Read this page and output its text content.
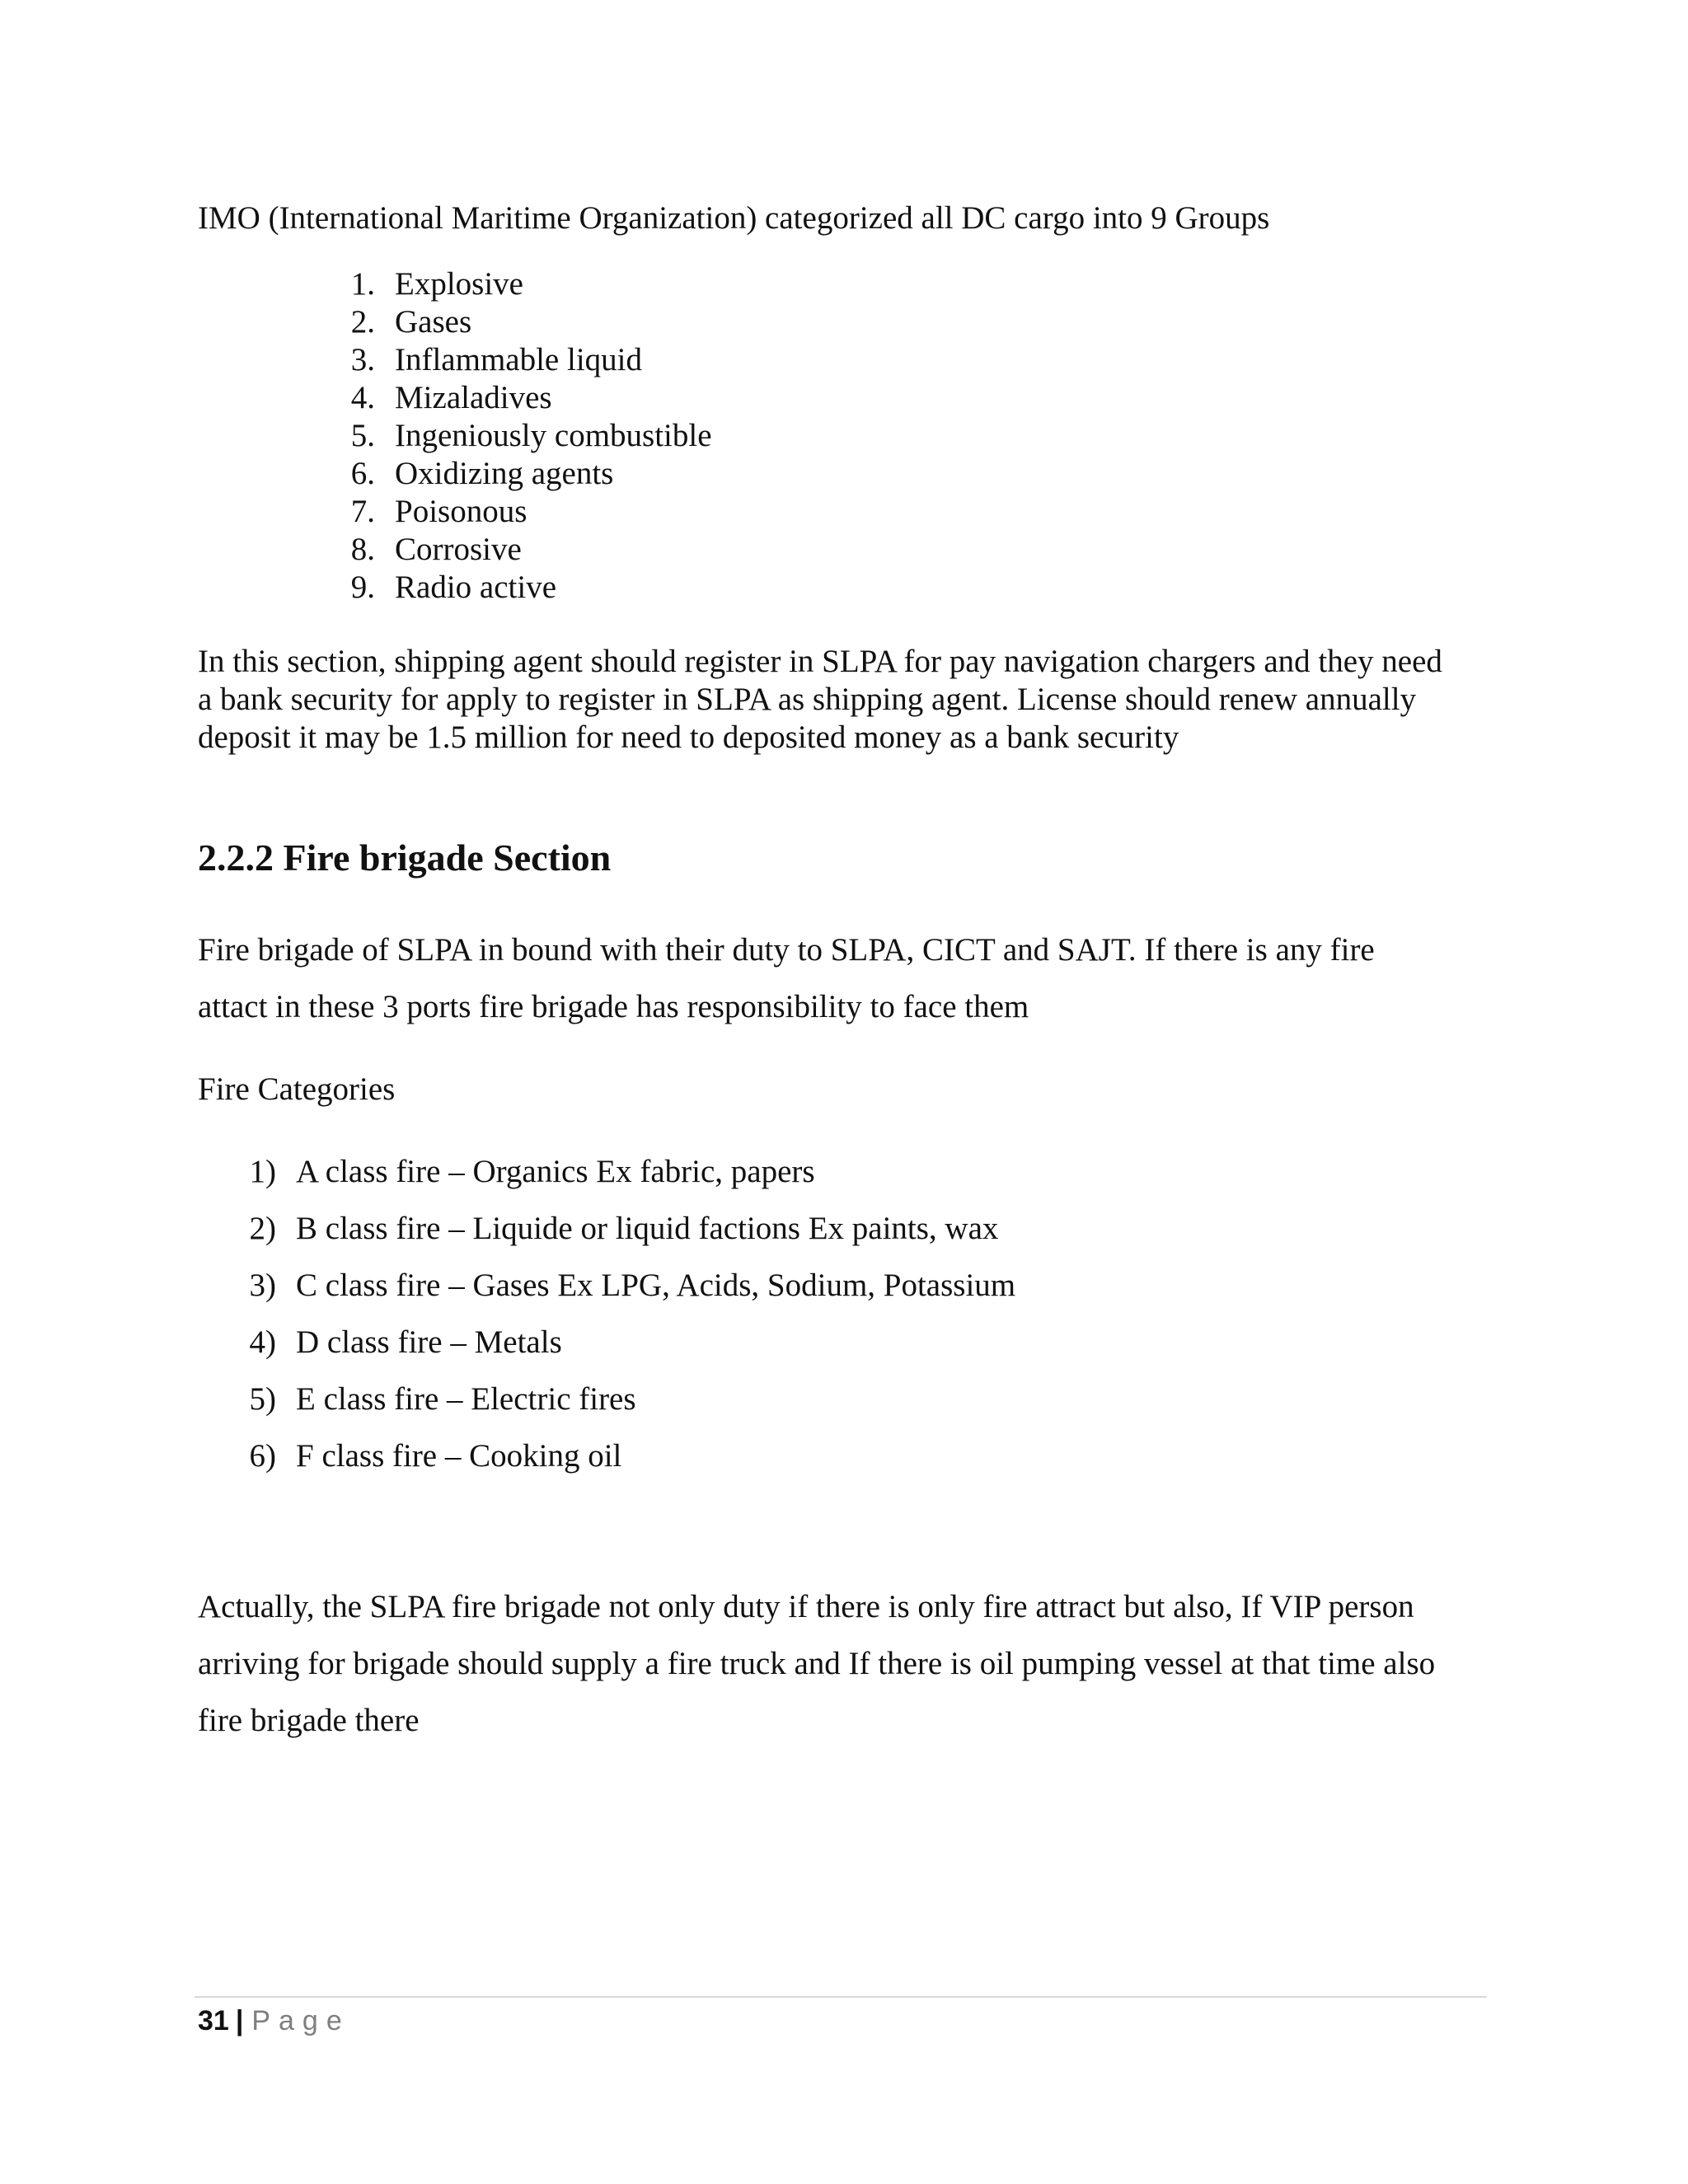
IMO (International Maritime Organization) categorized all DC cargo into 9 Groups
1. Explosive
2. Gases
3. Inflammable liquid
4. Mizaladives
5. Ingeniously combustible
6. Oxidizing agents
7. Poisonous
8. Corrosive
9. Radio active
In this section, shipping agent should register in SLPA for pay navigation chargers and they need
a bank security for apply to register in SLPA as shipping agent. License should renew annually
deposit it may be 1.5 million for need to deposited money as a bank security
2.2.2 Fire brigade Section
Fire brigade of SLPA in bound with their duty to SLPA, CICT and SAJT. If there is any fire
attact in these 3 ports fire brigade has responsibility to face them
Fire Categories
1) A class fire – Organics Ex fabric, papers
2) B class fire – Liquide or liquid factions Ex paints, wax
3) C class fire – Gases Ex LPG, Acids, Sodium, Potassium
4) D class fire – Metals
5) E class fire – Electric fires
6) F class fire – Cooking oil
Actually, the SLPA fire brigade not only duty if there is only fire attract but also, If VIP person
arriving for brigade should supply a fire truck and If there is oil pumping vessel at that time also
fire brigade there
31 | Page
